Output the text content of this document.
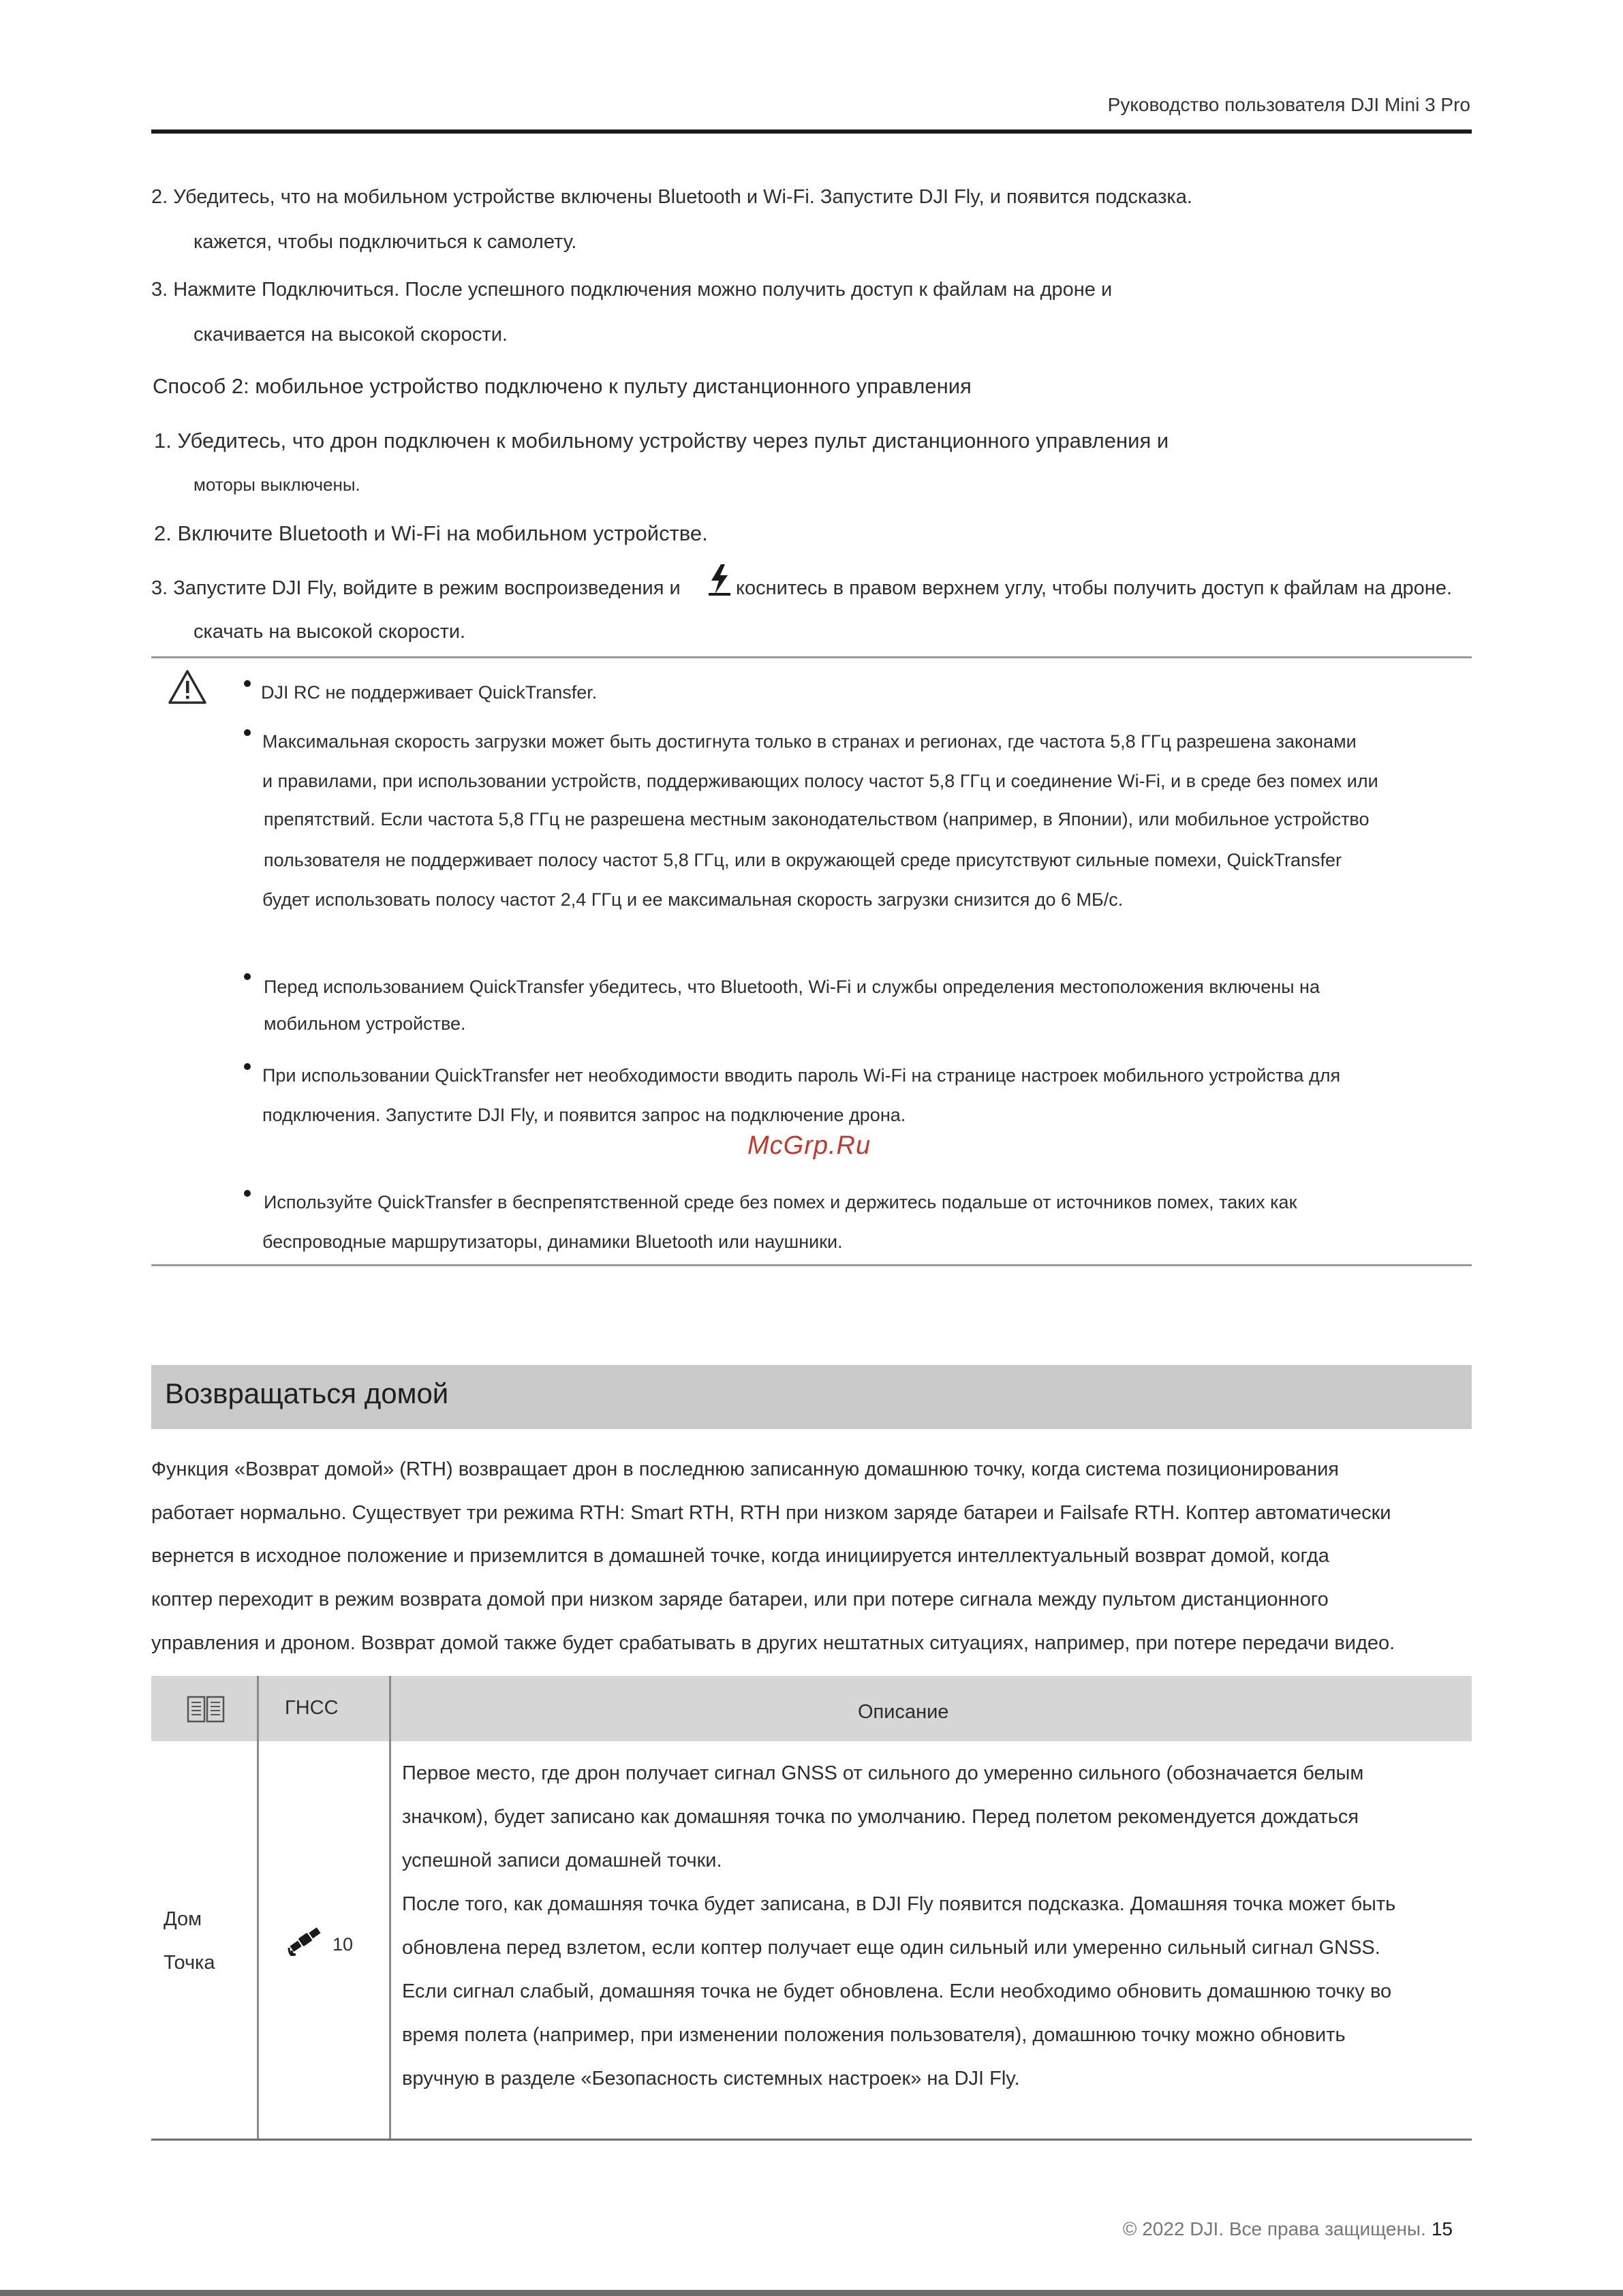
Руководство пользователя DJI Mini 3 Pro
2. Убедитесь, что на мобильном устройстве включены Bluetooth и Wi-Fi. Запустите DJI Fly, и появится подсказка.
кажется, чтобы подключиться к самолету.
3. Нажмите Подключиться. После успешного подключения можно получить доступ к файлам на дроне и
скачивается на высокой скорости.
Способ 2: мобильное устройство подключено к пульту дистанционного управления
1. Убедитесь, что дрон подключен к мобильному устройству через пульт дистанционного управления и
моторы выключены.
2. Включите Bluetooth и Wi-Fi на мобильном устройстве.
3. Запустите DJI Fly, войдите в режим воспроизведения и	коснитесь в правом верхнем углу, чтобы получить доступ к файлам на дроне.
скачать на высокой скорости.
DJI RC не поддерживает QuickTransfer.
Максимальная скорость загрузки может быть достигнута только в странах и регионах, где частота 5,8 ГГц разрешена законами
и правилами, при использовании устройств, поддерживающих полосу частот 5,8 ГГц и соединение Wi-Fi, и в среде без помех или
препятствий. Если частота 5,8 ГГц не разрешена местным законодательством (например, в Японии), или мобильное устройство
пользователя не поддерживает полосу частот 5,8 ГГц, или в окружающей среде присутствуют сильные помехи, QuickTransfer
будет использовать полосу частот 2,4 ГГц и ее максимальная скорость загрузки снизится до 6 МБ/с.
Перед использованием QuickTransfer убедитесь, что Bluetooth, Wi-Fi и службы определения местоположения включены на
мобильном устройстве.
При использовании QuickTransfer нет необходимости вводить пароль Wi-Fi на странице настроек мобильного устройства для
подключения. Запустите DJI Fly, и появится запрос на подключение дрона.
McGrp.Ru
Используйте QuickTransfer в беспрепятственной среде без помех и держитесь подальше от источников помех, таких как
беспроводные маршрутизаторы, динамики Bluetooth или наушники.
Возвращаться домой
Функция «Возврат домой» (RTH) возвращает дрон в последнюю записанную домашнюю точку, когда система позиционирования
работает нормально. Существует три режима RTH: Smart RTH, RTH при низком заряде батареи и Failsafe RTH. Коптер автоматически
вернется в исходное положение и приземлится в домашней точке, когда инициируется интеллектуальный возврат домой, когда
коптер переходит в режим возврата домой при низком заряде батареи, или при потере сигнала между пультом дистанционного
управления и дроном. Возврат домой также будет срабатывать в других нештатных ситуациях, например, при потере передачи видео.
ГНСС	Описание
Дом
Точка
10
Первое место, где дрон получает сигнал GNSS от сильного до умеренно сильного (обозначается белым
значком), будет записано как домашняя точка по умолчанию. Перед полетом рекомендуется дождаться
успешной записи домашней точки.
После того, как домашняя точка будет записана, в DJI Fly появится подсказка. Домашняя точка может быть
обновлена перед взлетом, если коптер получает еще один сильный или умеренно сильный сигнал GNSS.
Если сигнал слабый, домашняя точка не будет обновлена. Если необходимо обновить домашнюю точку во
время полета (например, при изменении положения пользователя), домашнюю точку можно обновить
вручную в разделе «Безопасность системных настроек» на DJI Fly.
© 2022 DJI. Все права защищены. 15
